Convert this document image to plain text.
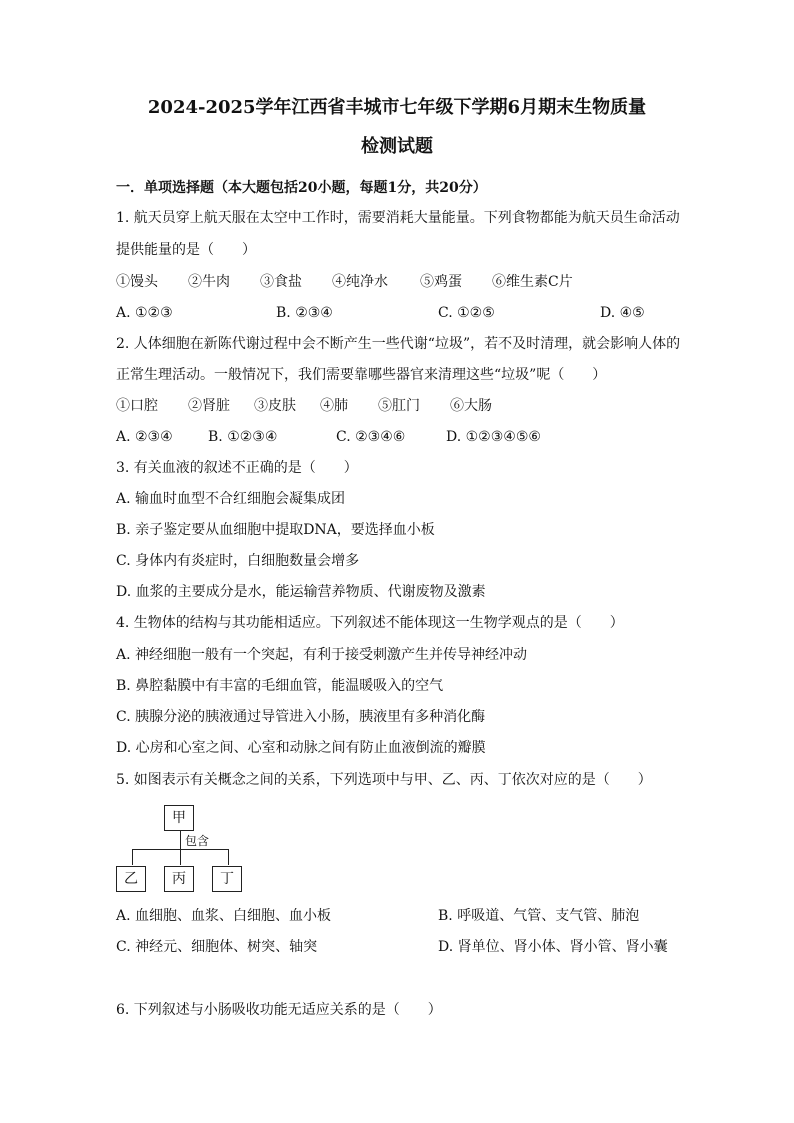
2024-2025学年江西省丰城市七年级下学期6月期末生物质量
检测试题
一．单项选择题（本大题包括20小题，每题1分，共20分）
1. 航天员穿上航天服在太空中工作时，需要消耗大量能量。下列食物都能为航天员生命活动
提供能量的是（　　）
①馒头 ②牛肉 ③食盐 ④纯净水 ⑤鸡蛋 ⑥维生素C片
A. ①②③	B. ②③④	C. ①②⑤	D. ④⑤
2. 人体细胞在新陈代谢过程中会不断产生一些代谢“垃圾”，若不及时清理，就会影响人体的
正常生理活动。一般情况下，我们需要靠哪些器官来清理这些“垃圾”呢（　　）
①口腔 ②肾脏 ③皮肤 ④肺 ⑤肛门 ⑥大肠
A. ②③④	B. ①②③④	C. ②③④⑥	D. ①②③④⑤⑥
3. 有关血液的叙述不正确的是（　　）
A. 输血时血型不合红细胞会凝集成团
B. 亲子鉴定要从血细胞中提取DNA，要选择血小板
C. 身体内有炎症时，白细胞数量会增多
D. 血浆的主要成分是水，能运输营养物质、代谢废物及激素
4. 生物体的结构与其功能相适应。下列叙述不能体现这一生物学观点的是（　　）
A. 神经细胞一般有一个突起，有利于接受刺激产生并传导神经冲动
B. 鼻腔黏膜中有丰富的毛细血管，能温暖吸入的空气
C. 胰腺分泌的胰液通过导管进入小肠，胰液里有多种消化酶
D. 心房和心室之间、心室和动脉之间有防止血液倒流的瓣膜
5. 如图表示有关概念之间的关系，下列选项中与甲、乙、丙、丁依次对应的是（　　）
甲
包含
乙	丙	丁
A. 血细胞、血浆、白细胞、血小板	B. 呼吸道、气管、支气管、肺泡
C. 神经元、细胞体、树突、轴突	D. 肾单位、肾小体、肾小管、肾小囊
6. 下列叙述与小肠吸收功能无适应关系的是（　　）
